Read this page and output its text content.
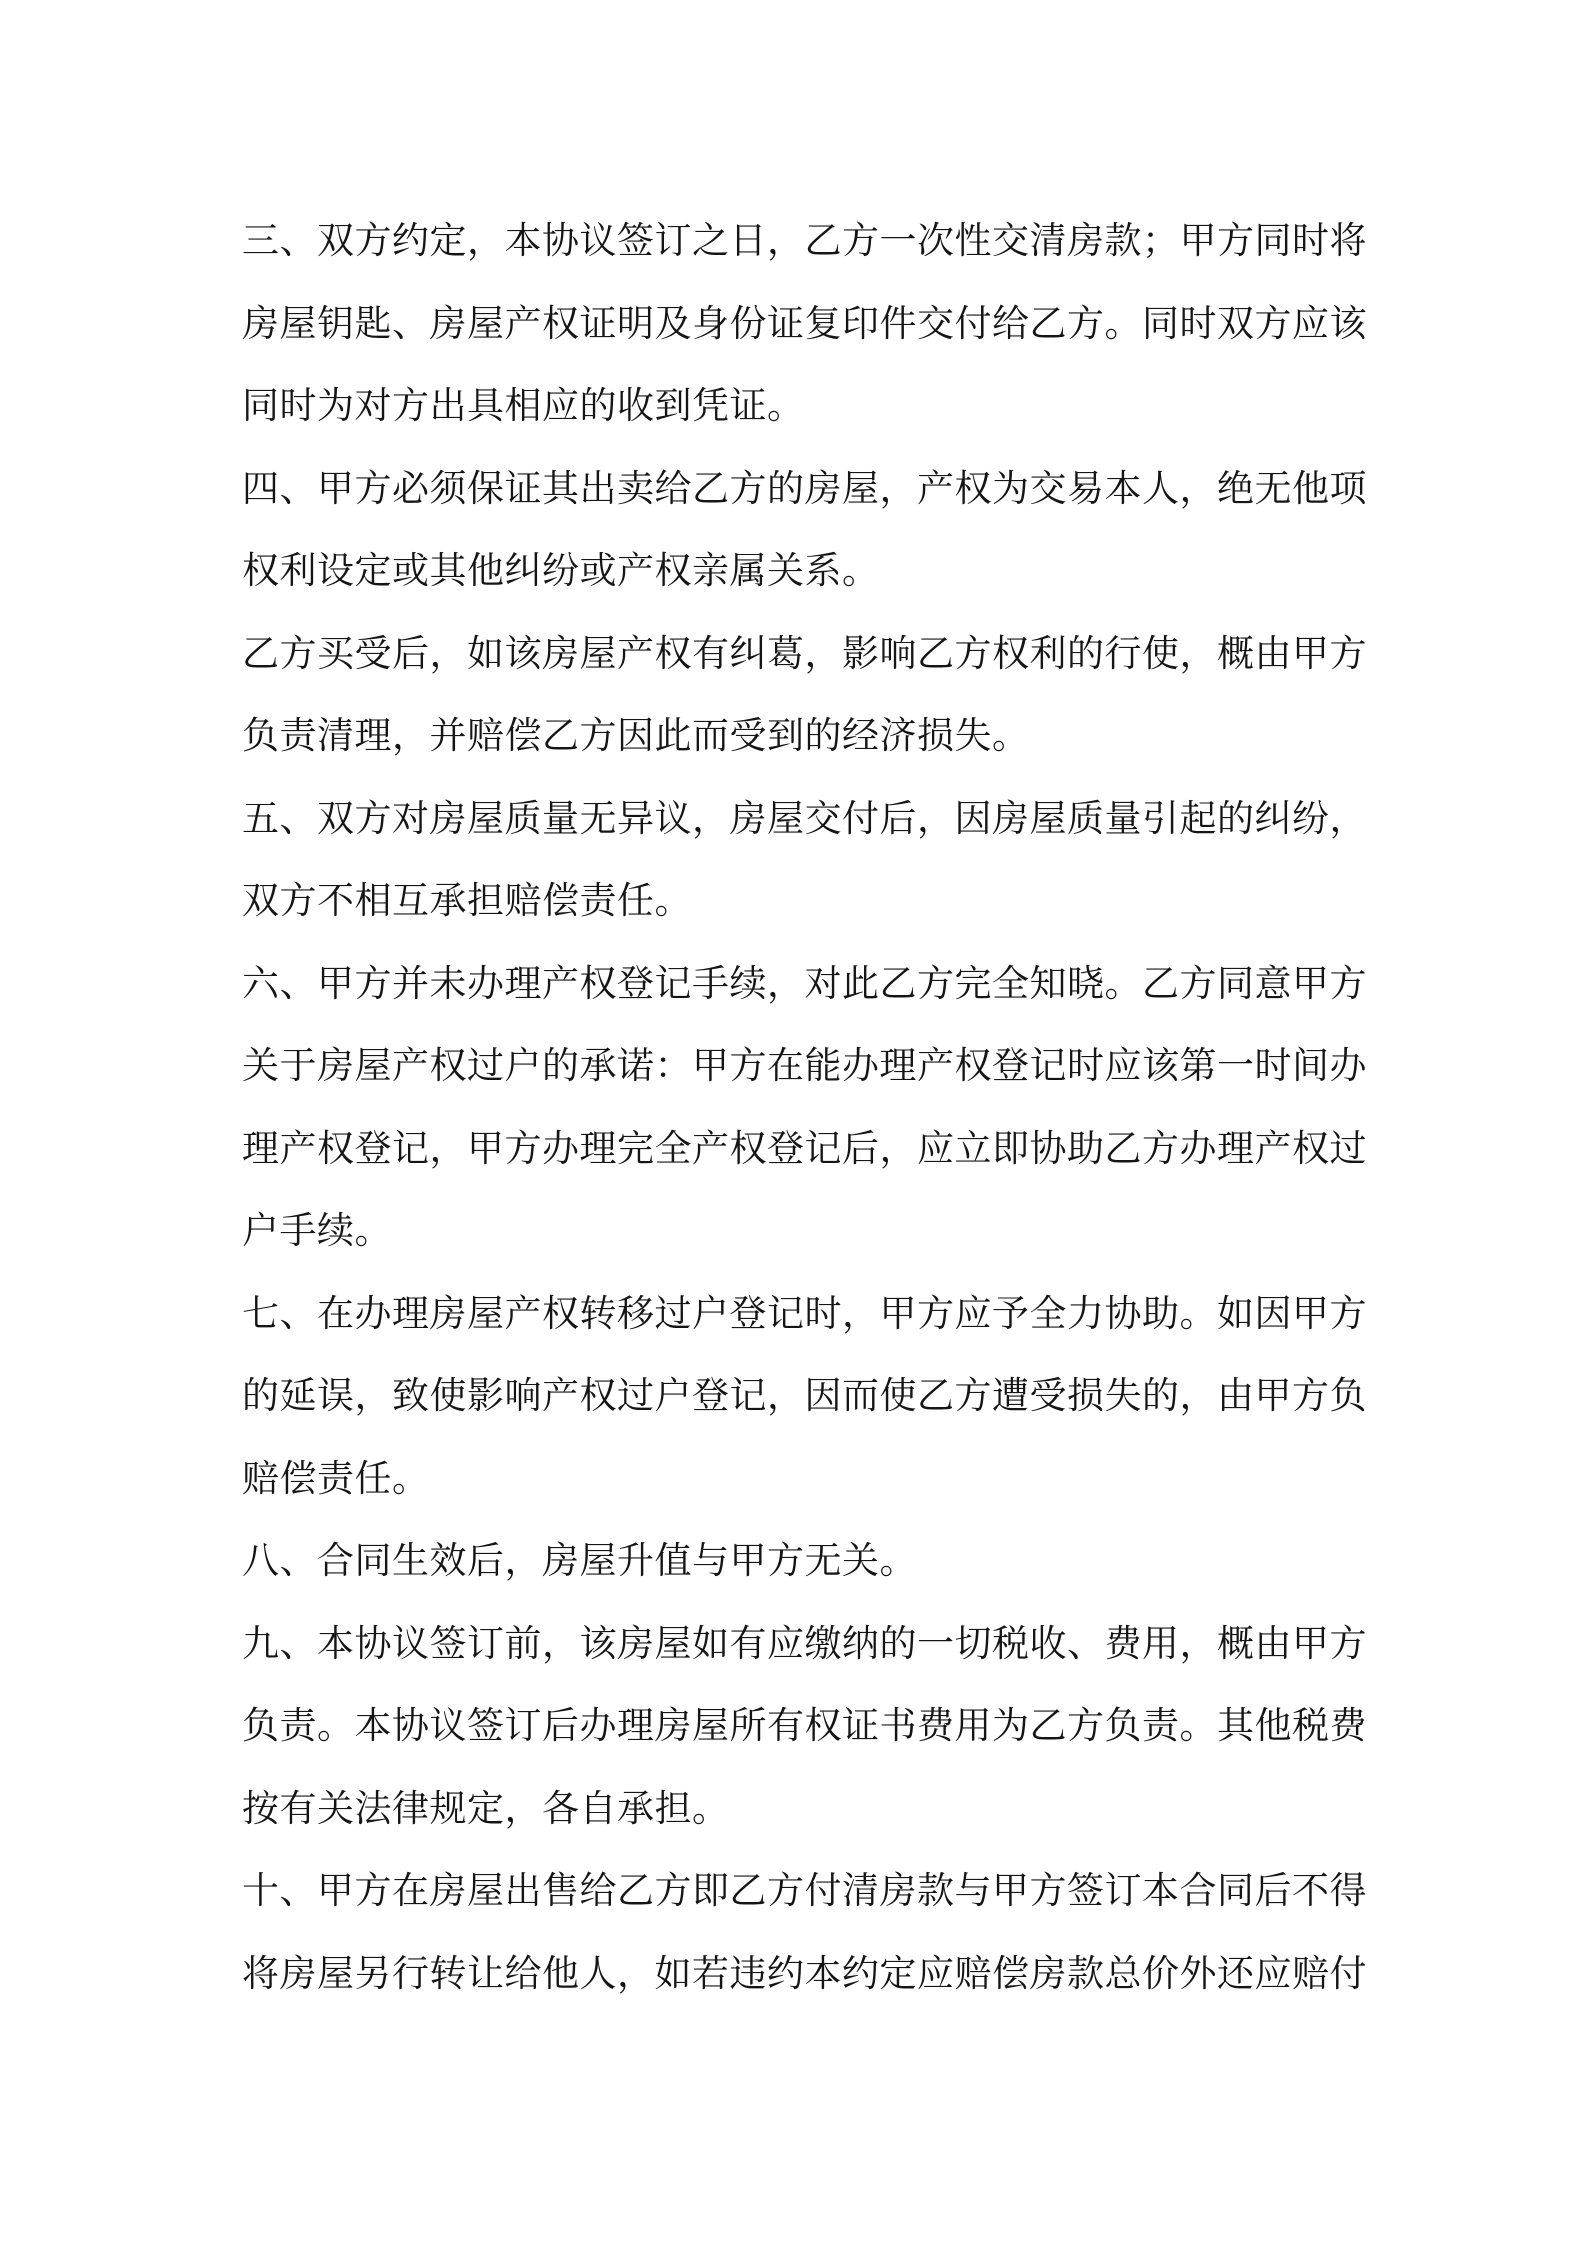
三、双方约定，本协议签订之日，乙方一次性交清房款；甲方同时将
房屋钥匙、房屋产权证明及身份证复印件交付给乙方。同时双方应该
同时为对方出具相应的收到凭证。
四、甲方必须保证其出卖给乙方的房屋，产权为交易本人，绝无他项
权利设定或其他纠纷或产权亲属关系。
乙方买受后，如该房屋产权有纠葛，影响乙方权利的行使，概由甲方
负责清理，并赔偿乙方因此而受到的经济损失。
五、双方对房屋质量无异议，房屋交付后，因房屋质量引起的纠纷，
双方不相互承担赔偿责任。
六、甲方并未办理产权登记手续，对此乙方完全知晓。乙方同意甲方
关于房屋产权过户的承诺：甲方在能办理产权登记时应该第一时间办
理产权登记，甲方办理完全产权登记后，应立即协助乙方办理产权过
户手续。
七、在办理房屋产权转移过户登记时，甲方应予全力协助。如因甲方
的延误，致使影响产权过户登记，因而使乙方遭受损失的，由甲方负
赔偿责任。
八、合同生效后，房屋升值与甲方无关。
九、本协议签订前，该房屋如有应缴纳的一切税收、费用，概由甲方
负责。本协议签订后办理房屋所有权证书费用为乙方负责。其他税费
按有关法律规定，各自承担。
十、甲方在房屋出售给乙方即乙方付清房款与甲方签订本合同后不得
将房屋另行转让给他人，如若违约本约定应赔偿房款总价外还应赔付
